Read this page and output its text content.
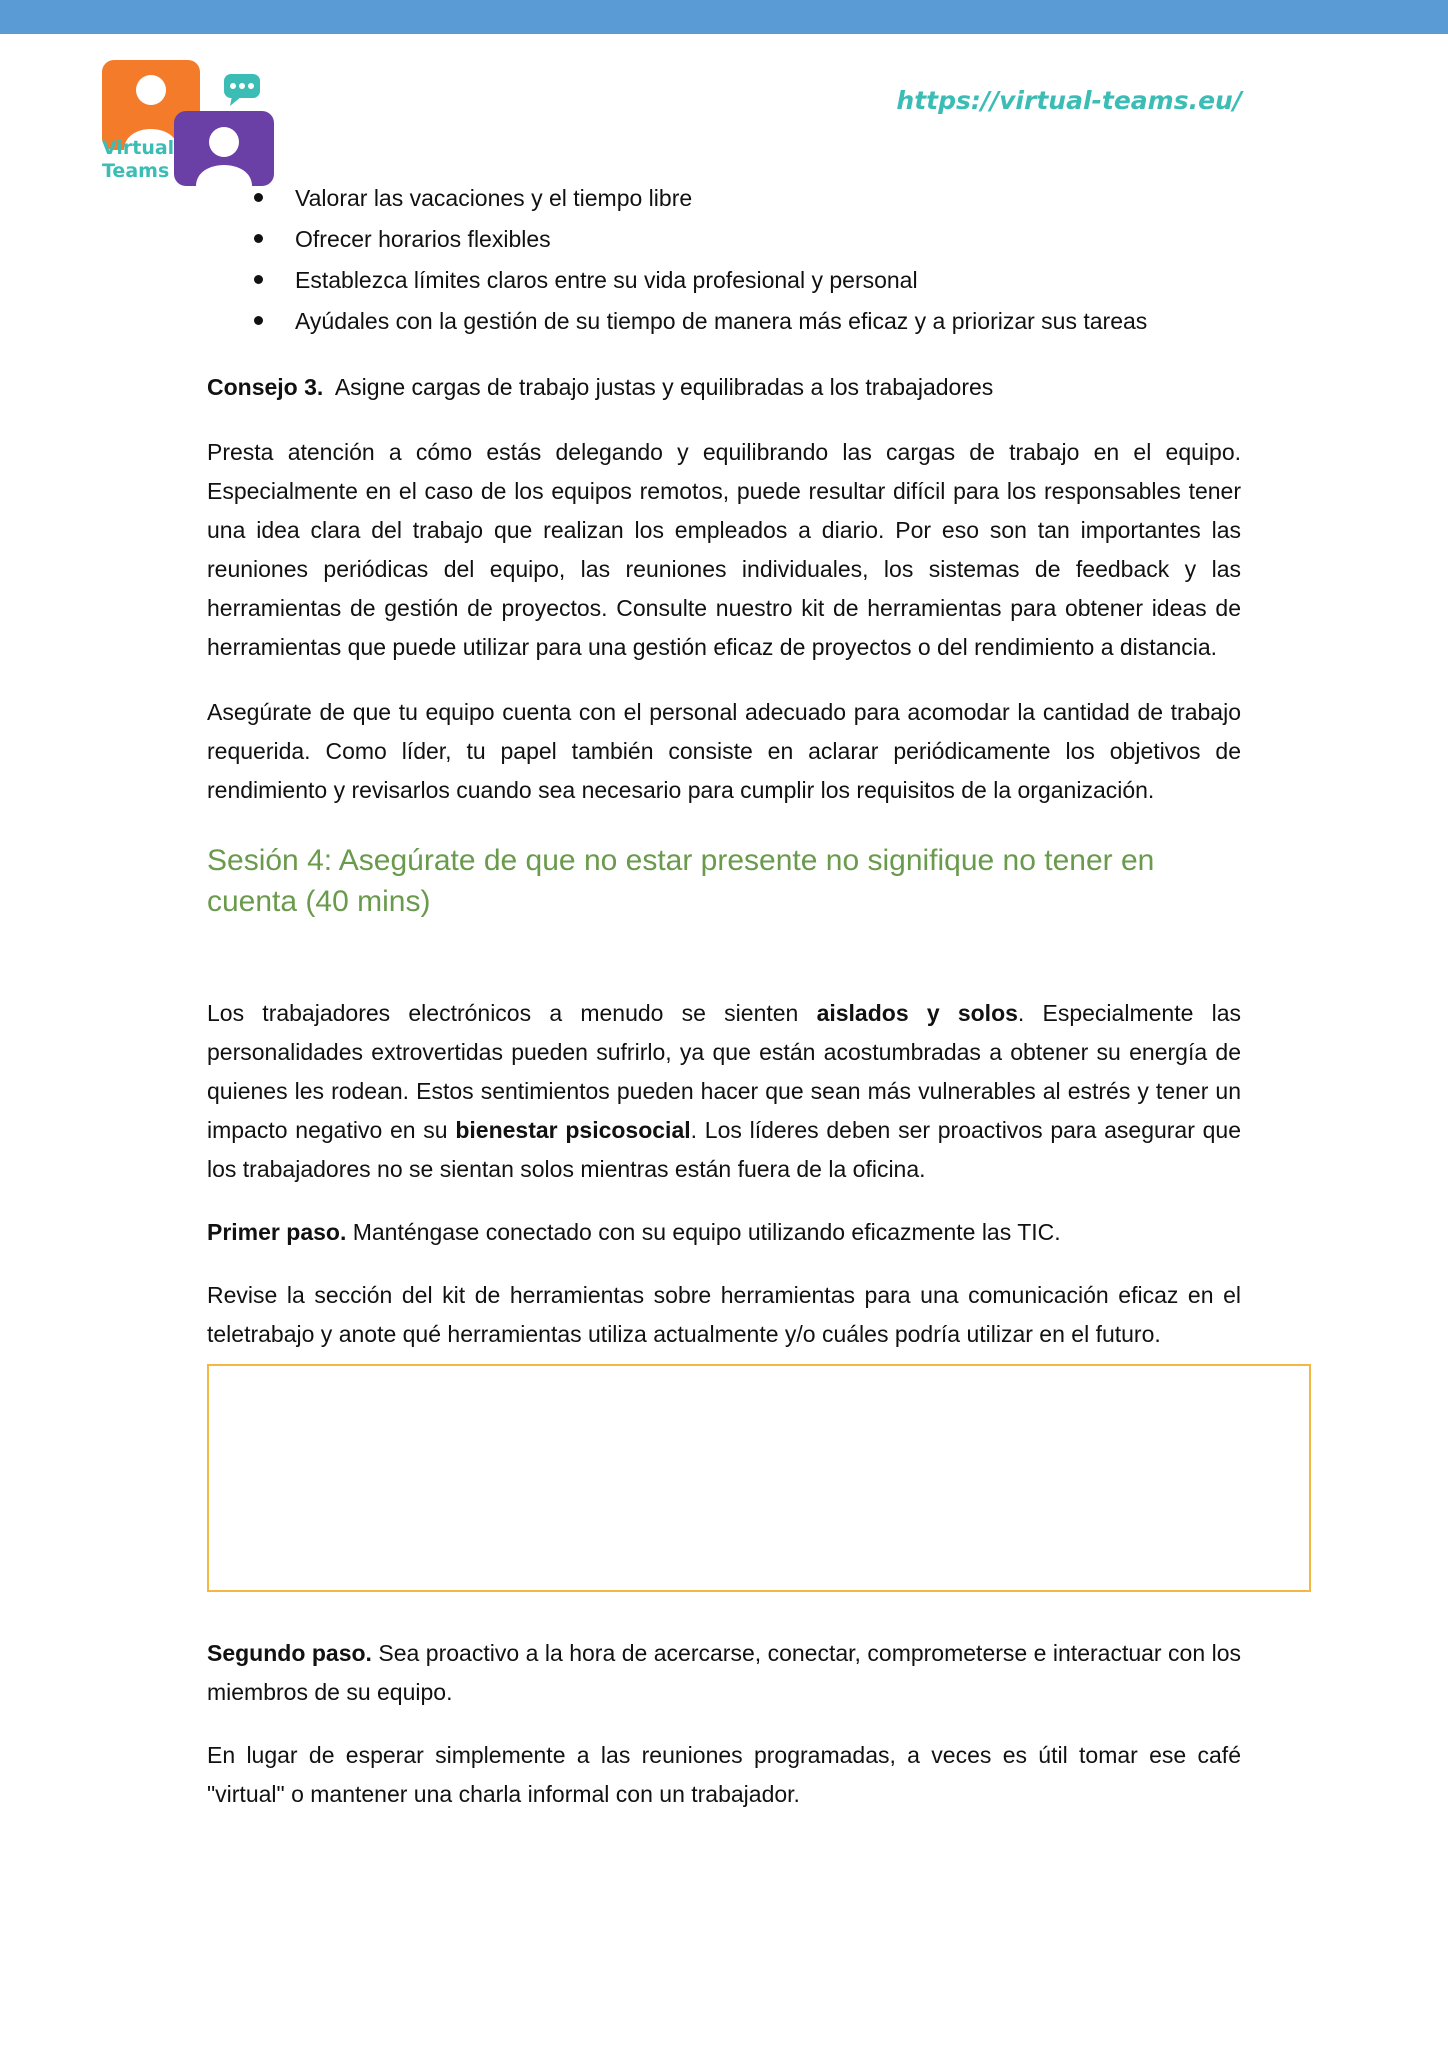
Virtual
Teams
https://virtual-teams.eu/
Valorar las vacaciones y el tiempo libre
Ofrecer horarios flexibles
Establezca límites claros entre su vida profesional y personal
Ayúdales con la gestión de su tiempo de manera más eficaz y a priorizar sus tareas

Consejo 3. Asigne cargas de trabajo justas y equilibradas a los trabajadores

Presta atención a cómo estás delegando y equilibrando las cargas de trabajo en el equipo. Especialmente en el caso de los equipos remotos, puede resultar difícil para los responsables tener una idea clara del trabajo que realizan los empleados a diario. Por eso son tan importantes las reuniones periódicas del equipo, las reuniones individuales, los sistemas de feedback y las herramientas de gestión de proyectos. Consulte nuestro kit de herramientas para obtener ideas de herramientas que puede utilizar para una gestión eficaz de proyectos o del rendimiento a distancia.

Asegúrate de que tu equipo cuenta con el personal adecuado para acomodar la cantidad de trabajo requerida. Como líder, tu papel también consiste en aclarar periódicamente los objetivos de rendimiento y revisarlos cuando sea necesario para cumplir los requisitos de la organización.

Sesión 4: Asegúrate de que no estar presente no signifique no tener en cuenta (40 mins)

Los trabajadores electrónicos a menudo se sienten aislados y solos. Especialmente las personalidades extrovertidas pueden sufrirlo, ya que están acostumbradas a obtener su energía de quienes les rodean. Estos sentimientos pueden hacer que sean más vulnerables al estrés y tener un impacto negativo en su bienestar psicosocial. Los líderes deben ser proactivos para asegurar que los trabajadores no se sientan solos mientras están fuera de la oficina.

Primer paso. Manténgase conectado con su equipo utilizando eficazmente las TIC.

Revise la sección del kit de herramientas sobre herramientas para una comunicación eficaz en el teletrabajo y anote qué herramientas utiliza actualmente y/o cuáles podría utilizar en el futuro.

Segundo paso. Sea proactivo a la hora de acercarse, conectar, comprometerse e interactuar con los miembros de su equipo.

En lugar de esperar simplemente a las reuniones programadas, a veces es útil tomar ese café "virtual" o mantener una charla informal con un trabajador.
